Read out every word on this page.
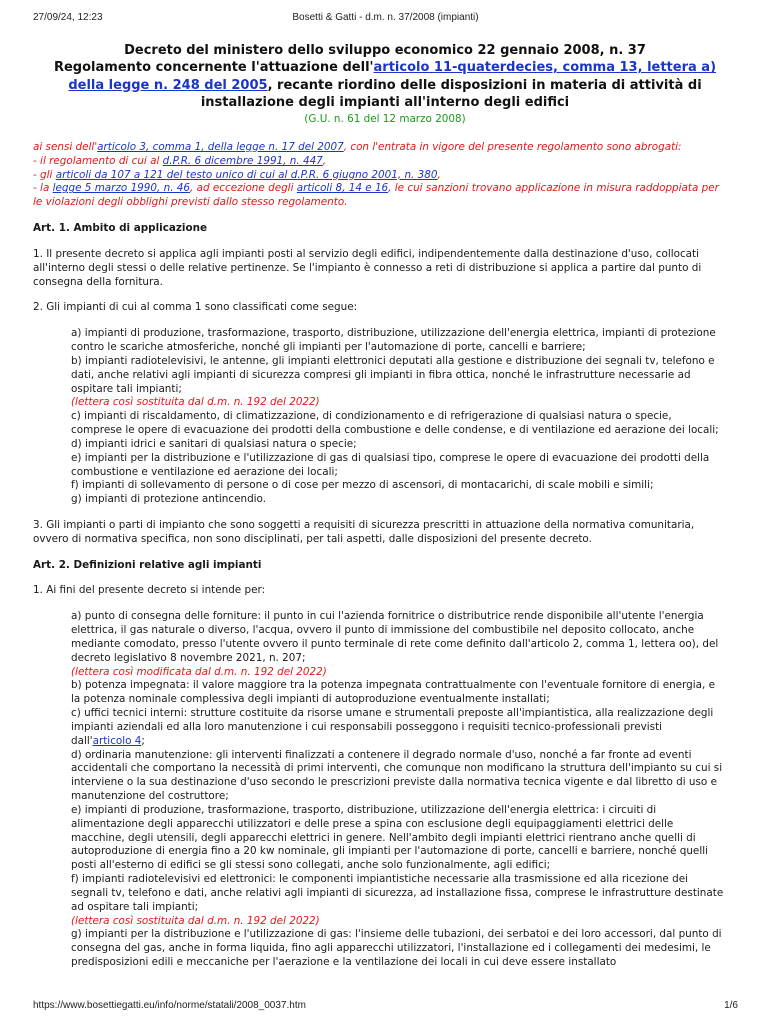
Bosetti & Gatti - d.m. n. 37/2008 (impianti)
27/09/24, 12:23
Decreto del ministero dello sviluppo economico 22 gennaio 2008, n. 37
Regolamento concernente l'attuazione dell'articolo 11-quaterdecies, comma 13, lettera a) della legge n. 248 del 2005, recante riordino delle disposizioni in materia di attività di installazione degli impianti all'interno degli edifici
(G.U. n. 61 del 12 marzo 2008)
ai sensi dell'articolo 3, comma 1, della legge n. 17 del 2007, con l'entrata in vigore del presente regolamento sono abrogati:
- il regolamento di cui al d.P.R. 6 dicembre 1991, n. 447,
- gli articoli da 107 a 121 del testo unico di cui al d.P.R. 6 giugno 2001, n. 380,
- la legge 5 marzo 1990, n. 46, ad eccezione degli articoli 8, 14 e 16, le cui sanzioni trovano applicazione in misura raddoppiata per le violazioni degli obblighi previsti dallo stesso regolamento.
Art. 1. Ambito di applicazione
1. Il presente decreto si applica agli impianti posti al servizio degli edifici, indipendentemente dalla destinazione d'uso, collocati all'interno degli stessi o delle relative pertinenze. Se l'impianto è connesso a reti di distribuzione si applica a partire dal punto di consegna della fornitura.
2. Gli impianti di cui al comma 1 sono classificati come segue:
a) impianti di produzione, trasformazione, trasporto, distribuzione, utilizzazione dell'energia elettrica, impianti di protezione contro le scariche atmosferiche, nonché gli impianti per l'automazione di porte, cancelli e barriere;
b) impianti radiotelevisivi, le antenne, gli impianti elettronici deputati alla gestione e distribuzione dei segnali tv, telefono e dati, anche relativi agli impianti di sicurezza compresi gli impianti in fibra ottica, nonché le infrastrutture necessarie ad ospitare tali impianti;
(lettera così sostituita dal d.m. n. 192 del 2022)
c) impianti di riscaldamento, di climatizzazione, di condizionamento e di refrigerazione di qualsiasi natura o specie, comprese le opere di evacuazione dei prodotti della combustione e delle condense, e di ventilazione ed aerazione dei locali;
d) impianti idrici e sanitari di qualsiasi natura o specie;
e) impianti per la distribuzione e l'utilizzazione di gas di qualsiasi tipo, comprese le opere di evacuazione dei prodotti della combustione e ventilazione ed aerazione dei locali;
f) impianti di sollevamento di persone o di cose per mezzo di ascensori, di montacarichi, di scale mobili e simili;
g) impianti di protezione antincendio.
3. Gli impianti o parti di impianto che sono soggetti a requisiti di sicurezza prescritti in attuazione della normativa comunitaria, ovvero di normativa specifica, non sono disciplinati, per tali aspetti, dalle disposizioni del presente decreto.
Art. 2. Definizioni relative agli impianti
1. Ai fini del presente decreto si intende per:
a) punto di consegna delle forniture: il punto in cui l'azienda fornitrice o distributrice rende disponibile all'utente l'energia elettrica, il gas naturale o diverso, l'acqua, ovvero il punto di immissione del combustibile nel deposito collocato, anche mediante comodato, presso l'utente ovvero il punto terminale di rete come definito dall'articolo 2, comma 1, lettera oo), del decreto legislativo 8 novembre 2021, n. 207;
(lettera così modificata dal d.m. n. 192 del 2022)
b) potenza impegnata: il valore maggiore tra la potenza impegnata contrattualmente con l'eventuale fornitore di energia, e la potenza nominale complessiva degli impianti di autoproduzione eventualmente installati;
c) uffici tecnici interni: strutture costituite da risorse umane e strumentali preposte all'impiantistica, alla realizzazione degli impianti aziendali ed alla loro manutenzione i cui responsabili posseggono i requisiti tecnico-professionali previsti dall'articolo 4;
d) ordinaria manutenzione: gli interventi finalizzati a contenere il degrado normale d'uso, nonché a far fronte ad eventi accidentali che comportano la necessità di primi interventi, che comunque non modificano la struttura dell'impianto su cui si interviene o la sua destinazione d'uso secondo le prescrizioni previste dalla normativa tecnica vigente e dal libretto di uso e manutenzione del costruttore;
e) impianti di produzione, trasformazione, trasporto, distribuzione, utilizzazione dell'energia elettrica: i circuiti di alimentazione degli apparecchi utilizzatori e delle prese a spina con esclusione degli equipaggiamenti elettrici delle macchine, degli utensili, degli apparecchi elettrici in genere. Nell'ambito degli impianti elettrici rientrano anche quelli di autoproduzione di energia fino a 20 kw nominale, gli impianti per l'automazione di porte, cancelli e barriere, nonché quelli posti all'esterno di edifici se gli stessi sono collegati, anche solo funzionalmente, agli edifici;
f) impianti radiotelevisivi ed elettronici: le componenti impiantistiche necessarie alla trasmissione ed alla ricezione dei segnali tv, telefono e dati, anche relativi agli impianti di sicurezza, ad installazione fissa, comprese le infrastrutture destinate ad ospitare tali impianti;
(lettera così sostituita dal d.m. n. 192 del 2022)
g) impianti per la distribuzione e l'utilizzazione di gas: l'insieme delle tubazioni, dei serbatoi e dei loro accessori, dal punto di consegna del gas, anche in forma liquida, fino agli apparecchi utilizzatori, l'installazione ed i collegamenti dei medesimi, le predisposizioni edili e meccaniche per l'aerazione e la ventilazione dei locali in cui deve essere installato
https://www.bosettiegatti.eu/info/norme/statali/2008_0037.htm	1/6
